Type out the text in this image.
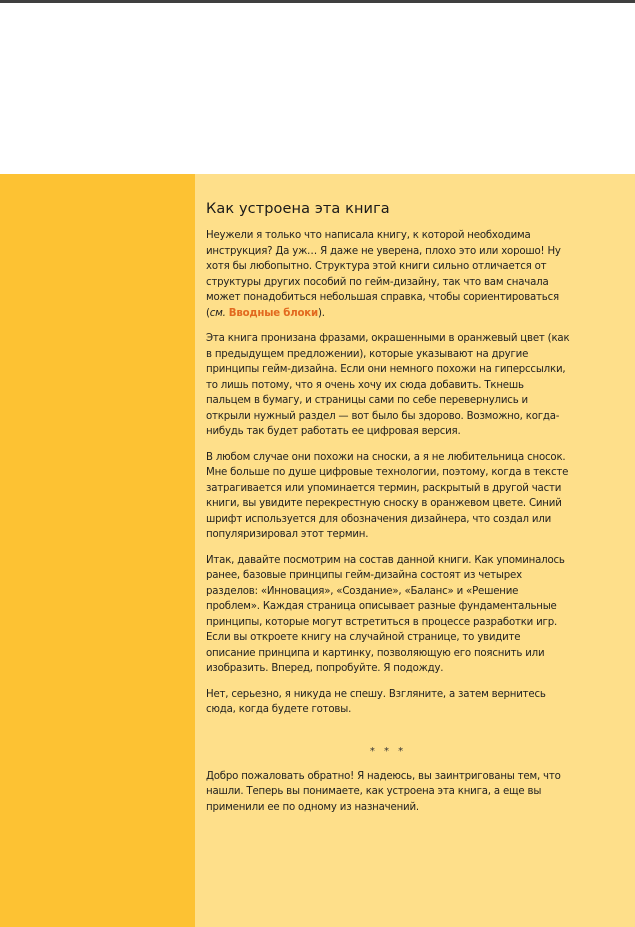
Как устроена эта книга

Неужели я только что написала книгу, к которой необходима инструкция? Да уж… Я даже не уверена, плохо это или хорошо! Ну хотя бы любопытно. Структура этой книги сильно отличается от структуры других пособий по гейм-дизайну, так что вам сначала может понадобиться небольшая справка, чтобы сориентироваться (см. Вводные блоки).

Эта книга пронизана фразами, окрашенными в оранжевый цвет (как в предыдущем предложении), которые указывают на другие принципы гейм-дизайна. Если они немного похожи на гиперссылки, то лишь потому, что я очень хочу их сюда добавить. Ткнешь пальцем в бумагу, и страницы сами по себе перевернулись и открыли нужный раздел — вот было бы здорово. Возможно, когда-нибудь так будет работать ее цифровая версия.

В любом случае они похожи на сноски, а я не любительница сносок. Мне больше по душе цифровые технологии, поэтому, когда в тексте затрагивается или упоминается термин, раскрытый в другой части книги, вы увидите перекрестную сноску в оранжевом цвете. Синий шрифт используется для обозначения дизайнера, что создал или популяризировал этот термин.

Итак, давайте посмотрим на состав данной книги. Как упоминалось ранее, базовые принципы гейм-дизайна состоят из четырех разделов: «Инновация», «Создание», «Баланс» и «Решение проблем». Каждая страница описывает разные фундаментальные принципы, которые могут встретиться в процессе разработки игр. Если вы откроете книгу на случайной странице, то увидите описание принципа и картинку, позволяющую его пояснить или изобразить. Вперед, попробуйте. Я подожду.

Нет, серьезно, я никуда не спешу. Взгляните, а затем вернитесь сюда, когда будете готовы.

* * *

Добро пожаловать обратно! Я надеюсь, вы заинтригованы тем, что нашли. Теперь вы понимаете, как устроена эта книга, а еще вы применили ее по одному из назначений.
